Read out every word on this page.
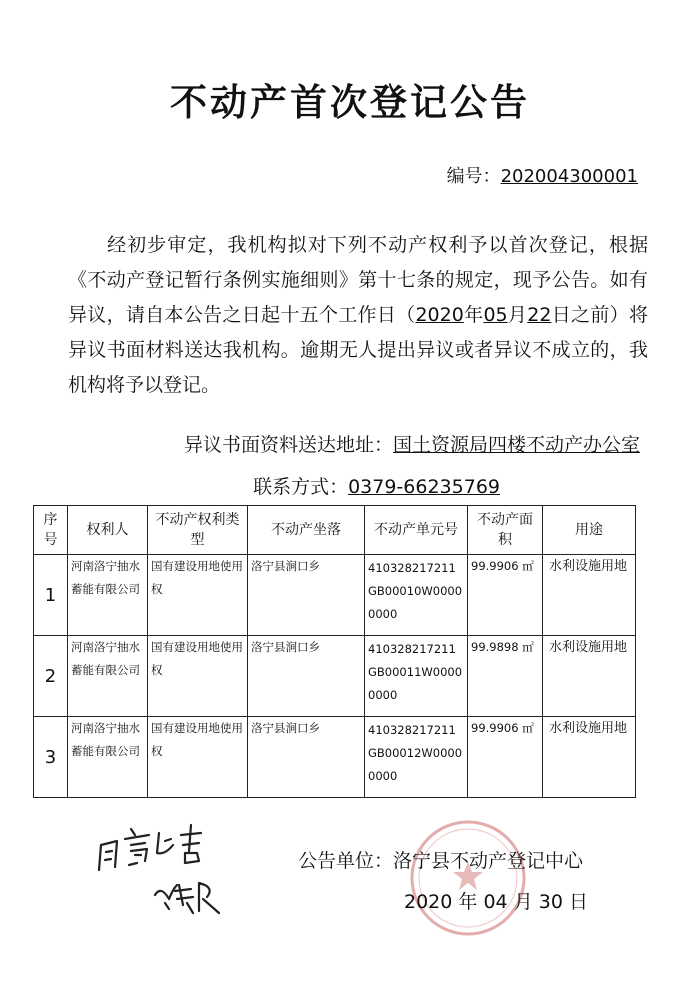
不动产首次登记公告
编号：202004300001

经初步审定，我机构拟对下列不动产权利予以首次登记，根据《不动产登记暂行条例实施细则》第十七条的规定，现予公告。如有异议，请自本公告之日起十五个工作日（2020年05月22日之前）将异议书面材料送达我机构。逾期无人提出异议或者异议不成立的，我机构将予以登记。

异议书面资料送达地址：国土资源局四楼不动产办公室
联系方式：0379-66235769
序号	权利人	不动产权利类型	不动产坐落	不动产单元号	不动产面积	用途
1	河南洛宁抽水蓄能有限公司	国有建设用地使用权	洛宁县涧口乡	410328217211GB00010W00000000	99.9906 ㎡	水利设施用地
2	河南洛宁抽水蓄能有限公司	国有建设用地使用权	洛宁县涧口乡	410328217211GB00011W00000000	99.9898 ㎡	水利设施用地
3	河南洛宁抽水蓄能有限公司	国有建设用地使用权	洛宁县涧口乡	410328217211GB00012W00000000	99.9906 ㎡	水利设施用地
公告单位：洛宁县不动产登记中心
2020 年 04 月 30 日
